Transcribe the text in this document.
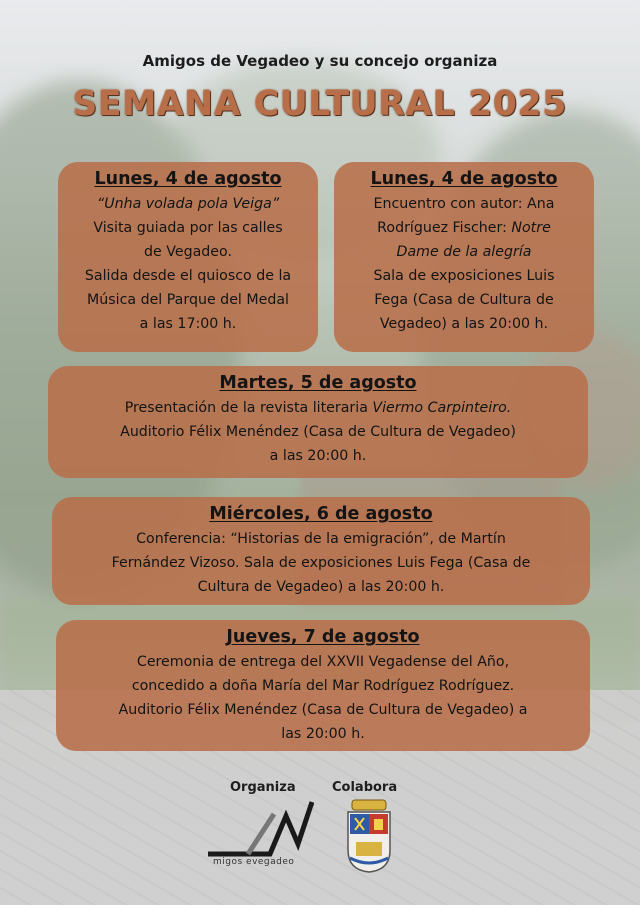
Amigos de Vegadeo y su concejo organiza
SEMANA CULTURAL 2025
Lunes, 4 de agosto

“Unha volada pola Veiga”

Visita guiada por las calles

de Vegadeo.

Salida desde el quiosco de la

Música del Parque del Medal

a las 17:00 h.

Lunes, 4 de agosto

Encuentro con autor: Ana

Rodríguez Fischer: Notre

Dame de la alegría

Sala de exposiciones Luis

Fega (Casa de Cultura de

Vegadeo) a las 20:00 h.

Martes, 5 de agosto

Presentación de la revista literaria Viermo Carpinteiro.

Auditorio Félix Menéndez (Casa de Cultura de Vegadeo)

a las 20:00 h.

Miércoles, 6 de agosto

Conferencia: “Historias de la emigración”, de Martín

Fernández Vizoso. Sala de exposiciones Luis Fega (Casa de

Cultura de Vegadeo) a las 20:00 h.

Jueves, 7 de agosto

Ceremonia de entrega del XXVII Vegadense del Año,

concedido a doña María del Mar Rodríguez Rodríguez.

Auditorio Félix Menéndez (Casa de Cultura de Vegadeo) a

las 20:00 h.

Organiza	Colabora
migos evegadeo
